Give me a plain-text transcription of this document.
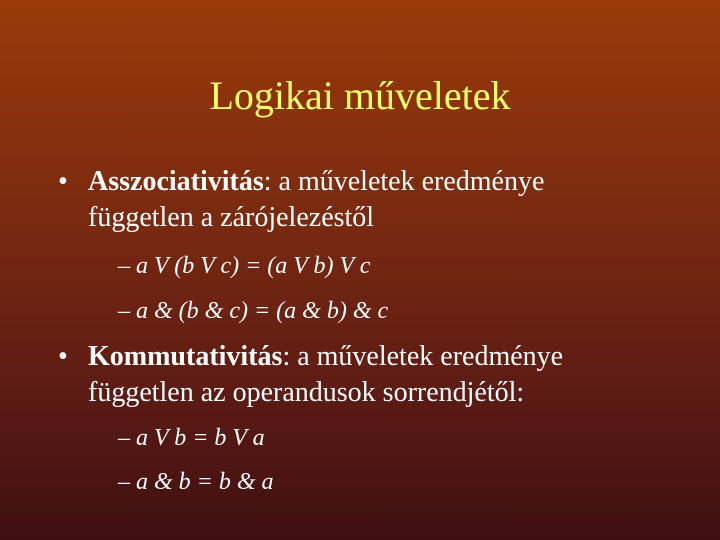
Logikai műveletek
• Asszociativitás: a műveletek eredménye
független a zárójelezéstől
– a V (b V c) = (a V b) V c
– a & (b & c) = (a & b) & c
• Kommutativitás: a műveletek eredménye
független az operandusok sorrendjétől:
– a V b = b V a
– a & b = b & a
